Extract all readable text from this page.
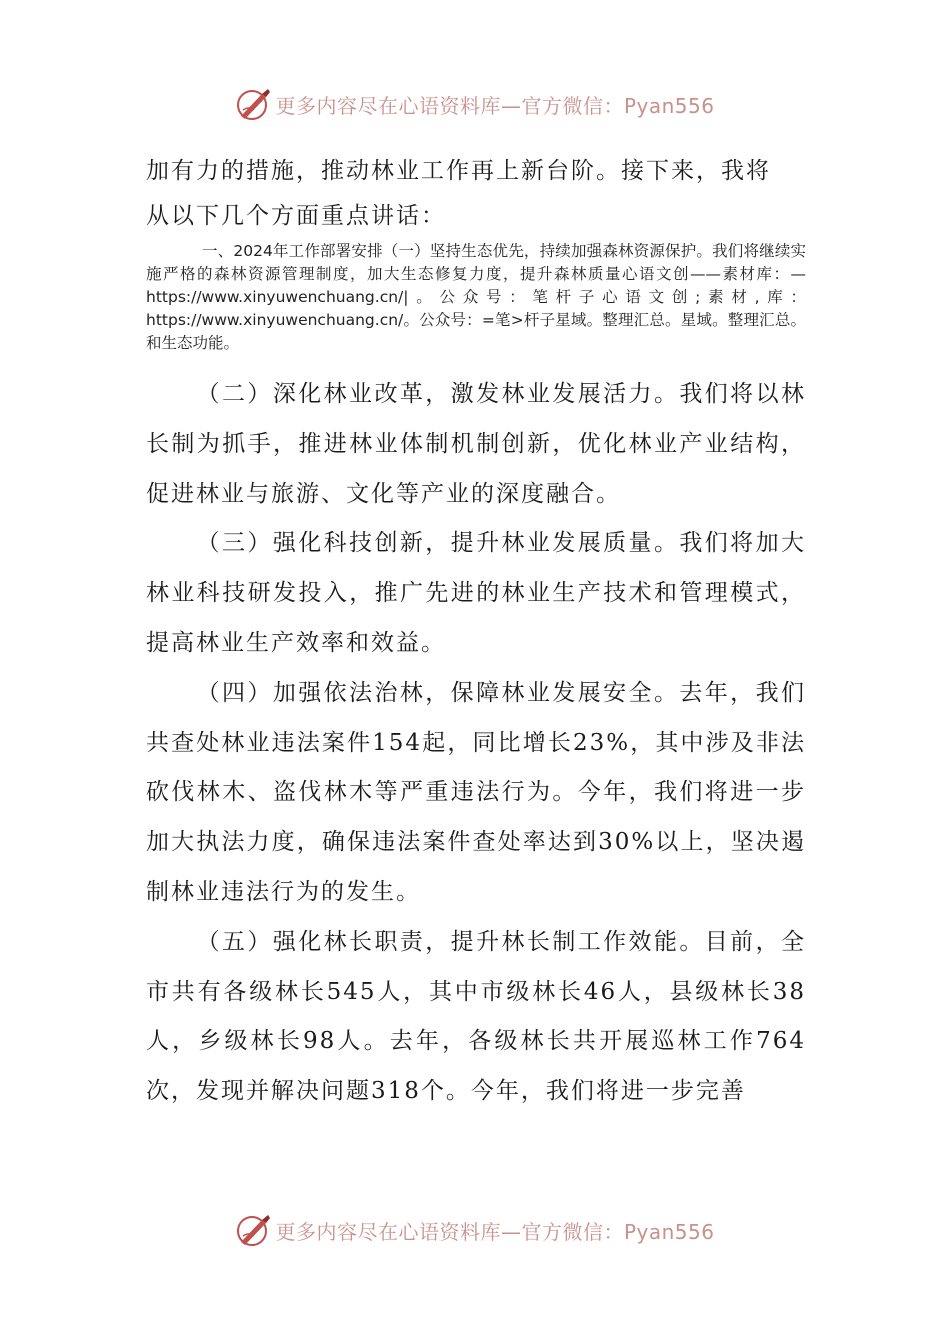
更多内容尽在心语资料库—官方微信：Pyan556
加有力的措施，推动林业工作再上新台阶。接下来，我将
从以下几个方面重点讲话：
一、2024年工作部署安排（一）坚持生态优先，持续加强森林资源保护。我们将继续实施严格的森林资源管理制度，加大生态修复力度，提升森林质量心语文创——素材库：—https://www.xinyuwenchuang.cn/|。公众号：笔杆子心语文创;素材,库：https://www.xinyuwenchuang.cn/。公众号：=笔>杆子星域。整理汇总。星域。整理汇总。和生态功能。

（二）深化林业改革，激发林业发展活力。我们将以林长制为抓手，推进林业体制机制创新，优化林业产业结构，促进林业与旅游、文化等产业的深度融合。

（三）强化科技创新，提升林业发展质量。我们将加大林业科技研发投入，推广先进的林业生产技术和管理模式，提高林业生产效率和效益。

（四）加强依法治林，保障林业发展安全。去年，我们共查处林业违法案件154起，同比增长23%，其中涉及非法砍伐林木、盗伐林木等严重违法行为。今年，我们将进一步加大执法力度，确保违法案件查处率达到30%以上，坚决遏制林业违法行为的发生。

（五）强化林长职责，提升林长制工作效能。目前，全市共有各级林长545人，其中市级林长46人，县级林长38人，乡级林长98人。去年，各级林长共开展巡林工作764次，发现并解决问题318个。今年，我们将进一步完善

更多内容尽在心语资料库—官方微信：Pyan556
